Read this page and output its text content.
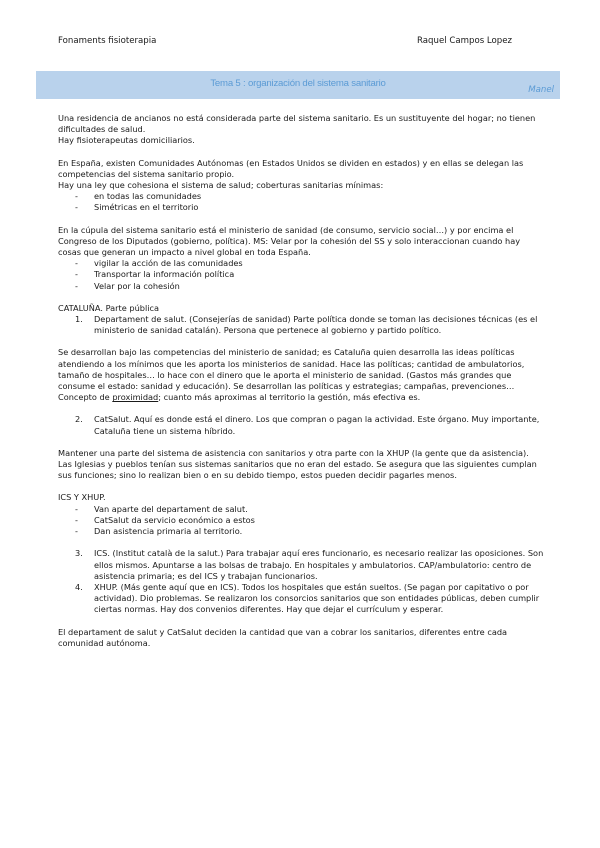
Fonaments fisioterapia	Raquel Campos Lopez
Tema 5 : organización del sistema sanitario
Manel

Una residencia de ancianos no está considerada parte del sistema sanitario. Es un sustituyente del hogar; no tienen dificultades de salud.

Hay fisioterapeutas domiciliarios.

En España, existen Comunidades Autónomas (en Estados Unidos se dividen en estados) y en ellas se delegan las competencias del sistema sanitario propio.

Hay una ley que cohesiona el sistema de salud; coberturas sanitarias mínimas:

- en todas las comunidades
- Simétricas en el territorio

En la cúpula del sistema sanitario está el ministerio de sanidad (de consumo, servicio social…) y por encima el Congreso de los Diputados (gobierno, política). MS: Velar por la cohesión del SS y solo interaccionan cuando hay cosas que generan un impacto a nivel global en toda España.

- vigilar la acción de las comunidades
- Transportar la información política
- Velar por la cohesión

CATALUÑA. Parte pública

1. Departament de salut. (Consejerías de sanidad) Parte política donde se toman las decisiones técnicas (es el ministerio de sanidad catalán). Persona que pertenece al gobierno y partido político.

Se desarrollan bajo las competencias del ministerio de sanidad; es Cataluña quien desarrolla las ideas políticas atendiendo a los mínimos que les aporta los ministerios de sanidad. Hace las políticas; cantidad de ambulatorios, tamaño de hospitales… lo hace con el dinero que le aporta el ministerio de sanidad. (Gastos más grandes que consume el estado: sanidad y educación). Se desarrollan las políticas y estrategias; campañas, prevenciones… Concepto de proximidad; cuanto más aproximas al territorio la gestión, más efectiva es.

2. CatSalut. Aquí es donde está el dinero. Los que compran o pagan la actividad. Este órgano. Muy importante, Cataluña tiene un sistema híbrido.

Mantener una parte del sistema de asistencia con sanitarios y otra parte con la XHUP (la gente que da asistencia). Las Iglesias y pueblos tenían sus sistemas sanitarios que no eran del estado. Se asegura que las siguientes cumplan sus funciones; sino lo realizan bien o en su debido tiempo, estos pueden decidir pagarles menos.

ICS Y XHUP.

- Van aparte del departament de salut.
- CatSalut da servicio económico a estos
- Dan asistencia primaria al territorio.
3. ICS. (Institut català de la salut.) Para trabajar aquí eres funcionario, es necesario realizar las oposiciones. Son ellos mismos. Apuntarse a las bolsas de trabajo. En hospitales y ambulatorios. CAP/ambulatorio: centro de asistencia primaria; es del ICS y trabajan funcionarios.
4. XHUP. (Más gente aquí que en ICS). Todos los hospitales que están sueltos. (Se pagan por capitativo o por actividad). Dio problemas. Se realizaron los consorcios sanitarios que son entidades públicas, deben cumplir ciertas normas. Hay dos convenios diferentes. Hay que dejar el currículum y esperar.

El departament de salut y CatSalut deciden la cantidad que van a cobrar los sanitarios, diferentes entre cada comunidad autónoma.
